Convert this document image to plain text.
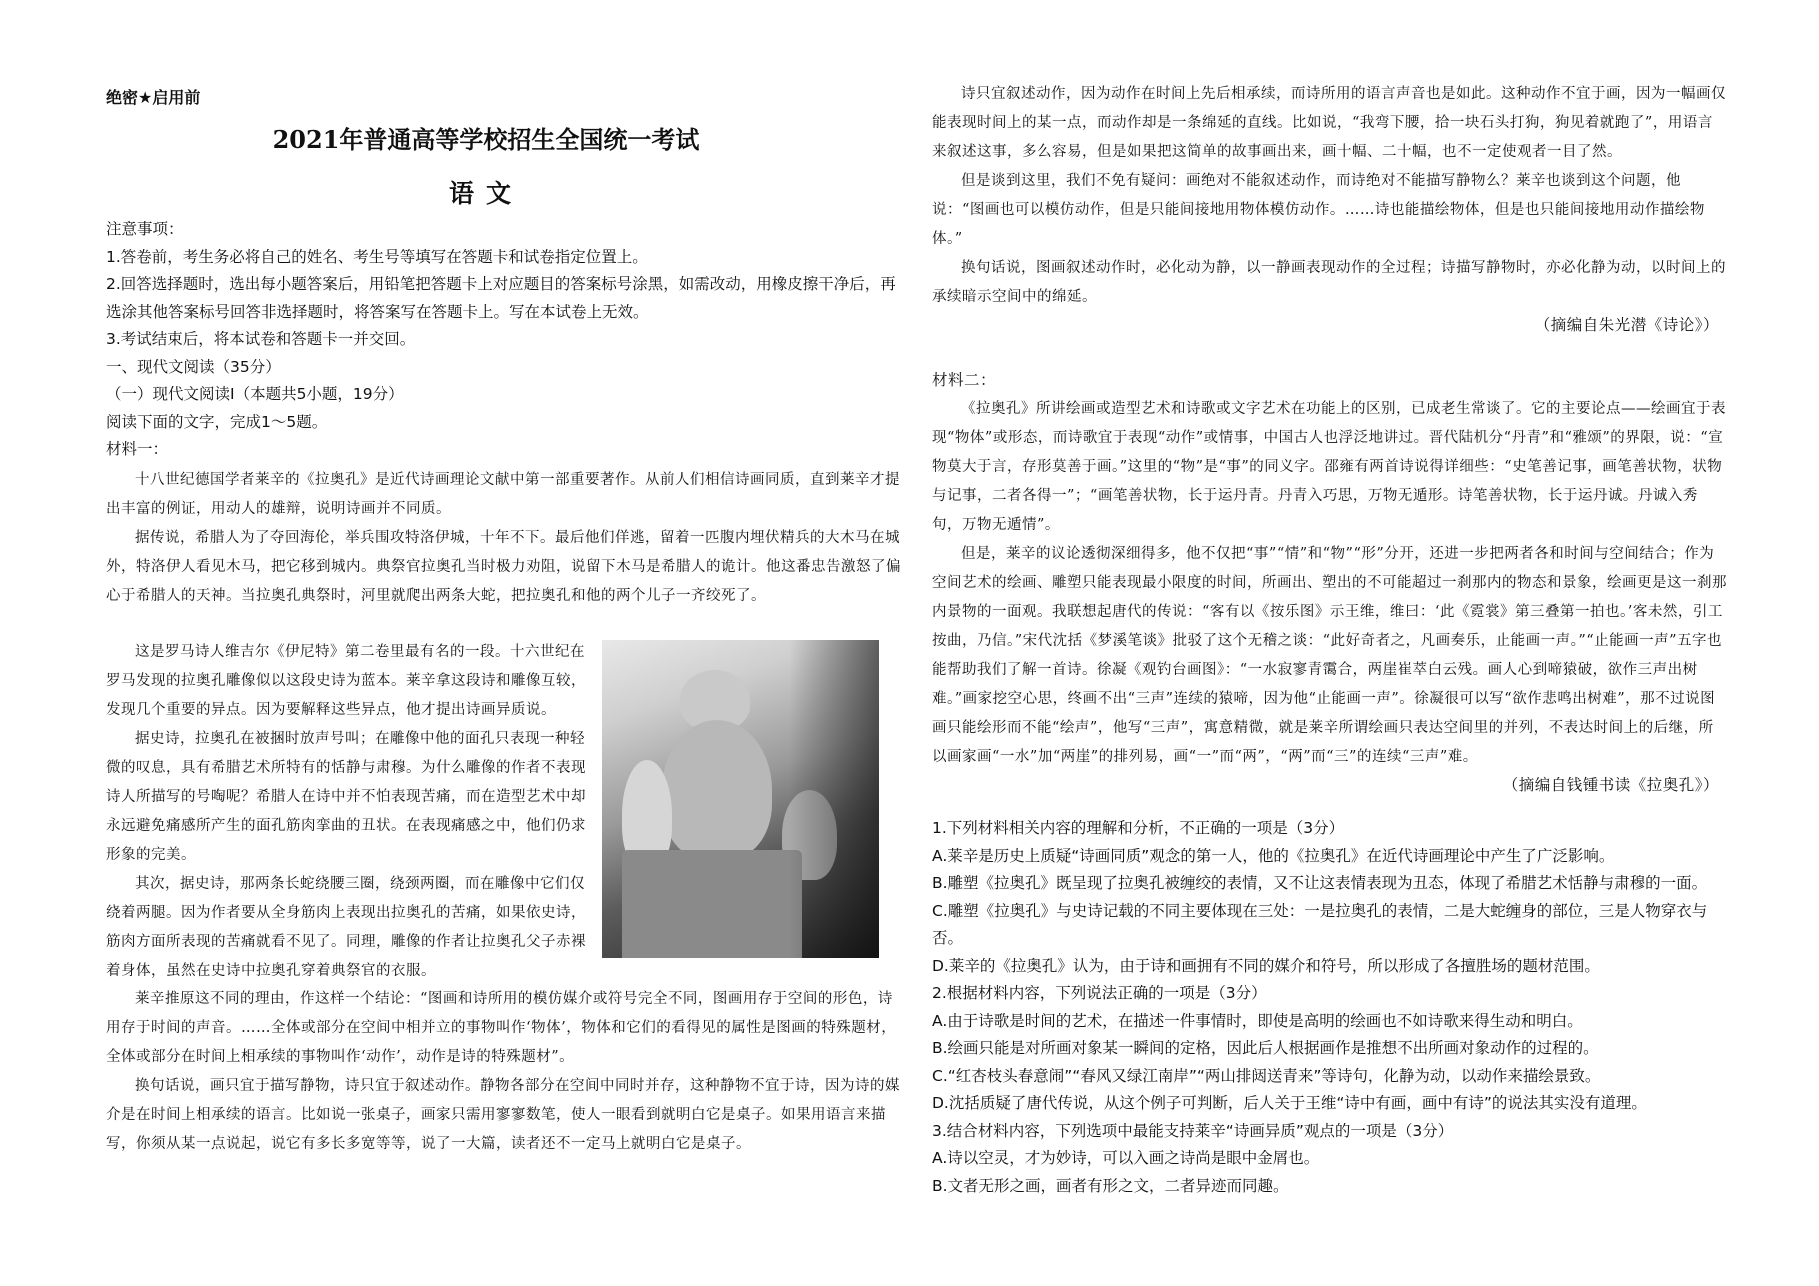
绝密★启用前
2021年普通高等学校招生全国统一考试
语文

注意事项：

1.答卷前，考生务必将自己的姓名、考生号等填写在答题卡和试卷指定位置上。

2.回答选择题时，选出每小题答案后，用铅笔把答题卡上对应题目的答案标号涂黑，如需改动，用橡皮擦干净后，再选涂其他答案标号回答非选择题时，将答案写在答题卡上。写在本试卷上无效。

3.考试结束后，将本试卷和答题卡一并交回。

一、现代文阅读（35分）

（一）现代文阅读Ⅰ（本题共5小题，19分）

阅读下面的文字，完成1～5题。

材料一：

十八世纪德国学者莱辛的《拉奥孔》是近代诗画理论文献中第一部重要著作。从前人们相信诗画同质，直到莱辛才提出丰富的例证，用动人的雄辩，说明诗画并不同质。

据传说，希腊人为了夺回海伦，举兵围攻特洛伊城，十年不下。最后他们佯逃，留着一匹腹内埋伏精兵的大木马在城外，特洛伊人看见木马，把它移到城内。典祭官拉奥孔当时极力劝阻，说留下木马是希腊人的诡计。他这番忠告激怒了偏心于希腊人的天神。当拉奥孔典祭时，河里就爬出两条大蛇，把拉奥孔和他的两个儿子一齐绞死了。

这是罗马诗人维吉尔《伊尼特》第二卷里最有名的一段。十六世纪在罗马发现的拉奥孔雕像似以这段史诗为蓝本。莱辛拿这段诗和雕像互较，发现几个重要的异点。因为要解释这些异点，他才提出诗画异质说。

据史诗，拉奥孔在被捆时放声号叫；在雕像中他的面孔只表现一种轻微的叹息，具有希腊艺术所特有的恬静与肃穆。为什么雕像的作者不表现诗人所描写的号啕呢？希腊人在诗中并不怕表现苦痛，而在造型艺术中却永远避免痛感所产生的面孔筋肉挛曲的丑状。在表现痛感之中，他们仍求形象的完美。

其次，据史诗，那两条长蛇绕腰三圈，绕颈两圈，而在雕像中它们仅绕着两腿。因为作者要从全身筋肉上表现出拉奥孔的苦痛，如果依史诗，筋肉方面所表现的苦痛就看不见了。同理，雕像的作者让拉奥孔父子赤裸着身体，虽然在史诗中拉奥孔穿着典祭官的衣服。

莱辛推原这不同的理由，作这样一个结论：“图画和诗所用的模仿媒介或符号完全不同，图画用存于空间的形色，诗用存于时间的声音。……全体或部分在空间中相并立的事物叫作‘物体’，物体和它们的看得见的属性是图画的特殊题材，全体或部分在时间上相承续的事物叫作‘动作’，动作是诗的特殊题材”。

换句话说，画只宜于描写静物，诗只宜于叙述动作。静物各部分在空间中同时并存，这种静物不宜于诗，因为诗的媒介是在时间上相承续的语言。比如说一张桌子，画家只需用寥寥数笔，使人一眼看到就明白它是桌子。如果用语言来描写，你须从某一点说起，说它有多长多宽等等，说了一大篇，读者还不一定马上就明白它是桌子。

诗只宜叙述动作，因为动作在时间上先后相承续，而诗所用的语言声音也是如此。这种动作不宜于画，因为一幅画仅能表现时间上的某一点，而动作却是一条绵延的直线。比如说，“我弯下腰，拾一块石头打狗，狗见着就跑了”，用语言来叙述这事，多么容易，但是如果把这简单的故事画出来，画十幅、二十幅，也不一定使观者一目了然。

但是谈到这里，我们不免有疑问：画绝对不能叙述动作，而诗绝对不能描写静物么？莱辛也谈到这个问题，他说：“图画也可以模仿动作，但是只能间接地用物体模仿动作。……诗也能描绘物体，但是也只能间接地用动作描绘物体。”

换句话说，图画叙述动作时，必化动为静，以一静画表现动作的全过程；诗描写静物时，亦必化静为动，以时间上的承续暗示空间中的绵延。

（摘编自朱光潜《诗论》）

材料二：

《拉奥孔》所讲绘画或造型艺术和诗歌或文字艺术在功能上的区别，已成老生常谈了。它的主要论点——绘画宜于表现“物体”或形态，而诗歌宜于表现“动作”或情事，中国古人也浮泛地讲过。晋代陆机分“丹青”和“雅颂”的界限，说：“宣物莫大于言，存形莫善于画。”这里的“物”是“事”的同义字。邵雍有两首诗说得详细些：“史笔善记事，画笔善状物，状物与记事，二者各得一”；“画笔善状物，长于运丹青。丹青入巧思，万物无遁形。诗笔善状物，长于运丹诚。丹诚入秀句，万物无遁情”。

但是，莱辛的议论透彻深细得多，他不仅把“事”“情”和“物”“形”分开，还进一步把两者各和时间与空间结合；作为空间艺术的绘画、雕塑只能表现最小限度的时间，所画出、塑出的不可能超过一刹那内的物态和景象，绘画更是这一刹那内景物的一面观。我联想起唐代的传说：“客有以《按乐图》示王维，维曰：‘此《霓裳》第三叠第一拍也。’客未然，引工按曲，乃信。”宋代沈括《梦溪笔谈》批驳了这个无稽之谈：“此好奇者之，凡画奏乐，止能画一声。”“止能画一声”五字也能帮助我们了解一首诗。徐凝《观钓台画图》：“一水寂寥青霭合，两崖崔萃白云残。画人心到啼猿破，欲作三声出树难。”画家挖空心思，终画不出“三声”连续的猿啼，因为他“止能画一声”。徐凝很可以写“欲作悲鸣出树难”，那不过说图画只能绘形而不能“绘声”，他写“三声”，寓意精微，就是莱辛所谓绘画只表达空间里的并列，不表达时间上的后继，所以画家画“一水”加“两崖”的排列易，画“一”而“两”，“两”而“三”的连续“三声”难。

（摘编自钱锺书读《拉奥孔》）

1.下列材料相关内容的理解和分析，不正确的一项是（3分）

A.莱辛是历史上质疑“诗画同质”观念的第一人，他的《拉奥孔》在近代诗画理论中产生了广泛影响。

B.雕塑《拉奥孔》既呈现了拉奥孔被缠绞的表情，又不让这表情表现为丑态，体现了希腊艺术恬静与肃穆的一面。

C.雕塑《拉奥孔》与史诗记载的不同主要体现在三处：一是拉奥孔的表情，二是大蛇缠身的部位，三是人物穿衣与否。

D.莱辛的《拉奥孔》认为，由于诗和画拥有不同的媒介和符号，所以形成了各擅胜场的题材范围。

2.根据材料内容，下列说法正确的一项是（3分）

A.由于诗歌是时间的艺术，在描述一件事情时，即使是高明的绘画也不如诗歌来得生动和明白。

B.绘画只能是对所画对象某一瞬间的定格，因此后人根据画作是推想不出所画对象动作的过程的。

C.“红杏枝头春意闹”“春风又绿江南岸”“两山排闼送青来”等诗句，化静为动，以动作来描绘景致。

D.沈括质疑了唐代传说，从这个例子可判断，后人关于王维“诗中有画，画中有诗”的说法其实没有道理。

3.结合材料内容，下列选项中最能支持莱辛“诗画异质”观点的一项是（3分）

A.诗以空灵，才为妙诗，可以入画之诗尚是眼中金屑也。

B.文者无形之画，画者有形之文，二者异迹而同趣。
